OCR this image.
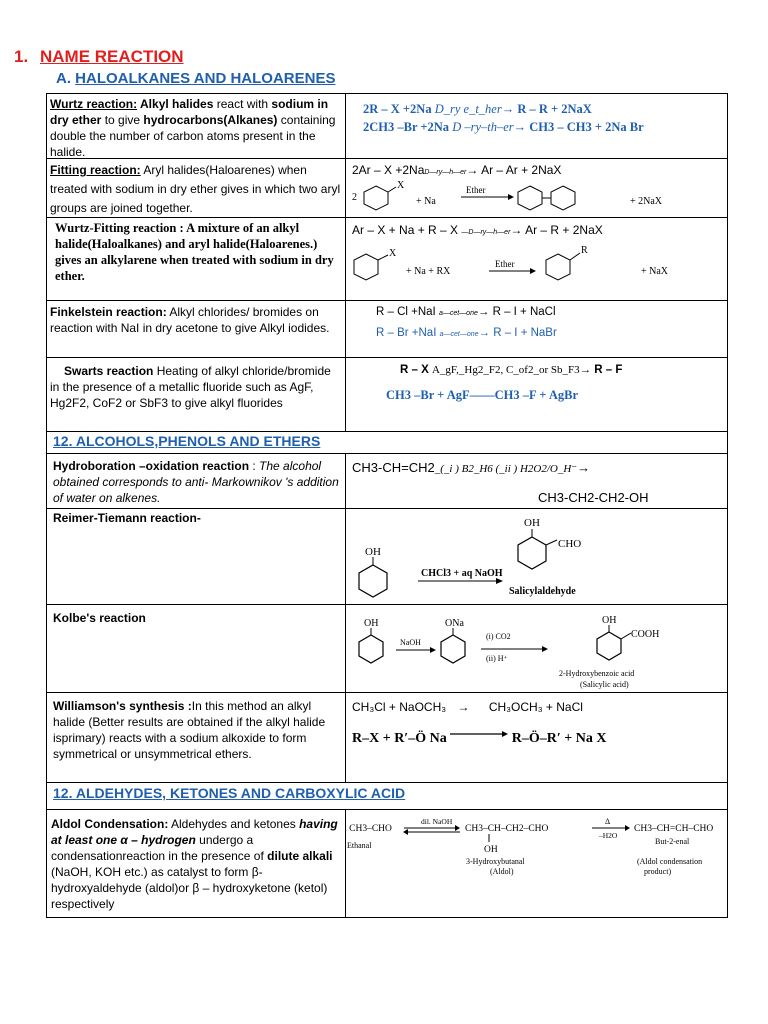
1. NAME REACTION
A. HALOALKANES AND HALOARENES
Wurtz reaction: Alkyl halides react with sodium in dry ether to give hydrocarbons(Alkanes) containing double the number of carbon atoms present in the halide.
2R – X +2Na D_ry e_t_her→ R – R + 2NaX
2CH3 –Br +2Na D –ry–th–er→ CH3 – CH3 + 2Na Br
Fitting reaction: Aryl halides(Haloarenes) when treated with sodium in dry ether gives in which two aryl groups are joined together.
2Ar – X +2NaD—ry—h—er→ Ar – Ar + 2NaX
2
X
+ Na
Ether
+ 2NaX
Wurtz-Fitting reaction : A mixture of an alkyl halide(Haloalkanes) and aryl halide(Haloarenes.) gives an alkylarene when treated with sodium in dry ether.
Ar – X + Na + R – X —D—ry—h—er→ Ar – R + 2NaX
X
+ Na + RX
Ether
R
+ NaX
Finkelstein reaction: Alkyl chlorides/ bromides on reaction with NaI in dry acetone to give Alkyl iodides.
R – Cl +NaI a—cet—one→ R – I + NaCl
R – Br +NaI a—cet—one→ R – I + NaBr
Swarts reaction Heating of alkyl chloride/bromide in the presence of a metallic fluoride such as AgF, Hg2F2, CoF2 or SbF3 to give alkyl fluorides
R – X A_gF,_Hg2_F2, C_of2_or Sb_F3→ R – F
CH3 –Br + AgF——CH3 –F + AgBr
12. ALCOHOLS,PHENOLS AND ETHERS
Hydroboration –oxidation reaction : The alcohol obtained corresponds to anti- Markownikov 's addition of water on alkenes.
CH3-CH=CH2_(_i ) B2_H6 (_ii ) H2O2/O_H⁻→
CH3-CH2-CH2-OH
Reimer-Tiemann reaction-
OH
CHCl3 + aq NaOH
OH
CHO
Salicylaldehyde
Kolbe's reaction	OH
NaOH
ONa
(i) CO2
(ii) H⁺
OH
COOH
2-Hydroxybenzoic acid
(Salicylic acid)
Williamson's synthesis :In this method an alkyl halide (Better results are obtained if the alkyl halide isprimary) reacts with a sodium alkoxide to form symmetrical or unsymmetrical ethers.
CH₃Cl + NaOCH₃ → CH₃OCH₃ + NaCl
R–X + R′–Ö Na	R–Ö–R′ + Na X
12. ALDEHYDES, KETONES AND CARBOXYLIC ACID
Aldol Condensation: Aldehydes and ketones having at least one α – hydrogen undergo a condensationreaction in the presence of dilute alkali (NaOH, KOH etc.) as catalyst to form β-hydroxyaldehyde (aldol)or β – hydroxyketone (ketol) respectively
2 CH3–CHO
Ethanal
dil. NaOH
CH3–CH–CH2–CHO
OH
3-Hydroxybutanal
(Aldol)
Δ
–H2O
CH3–CH=CH–CHO
But-2-enal
(Aldol condensation
product)
